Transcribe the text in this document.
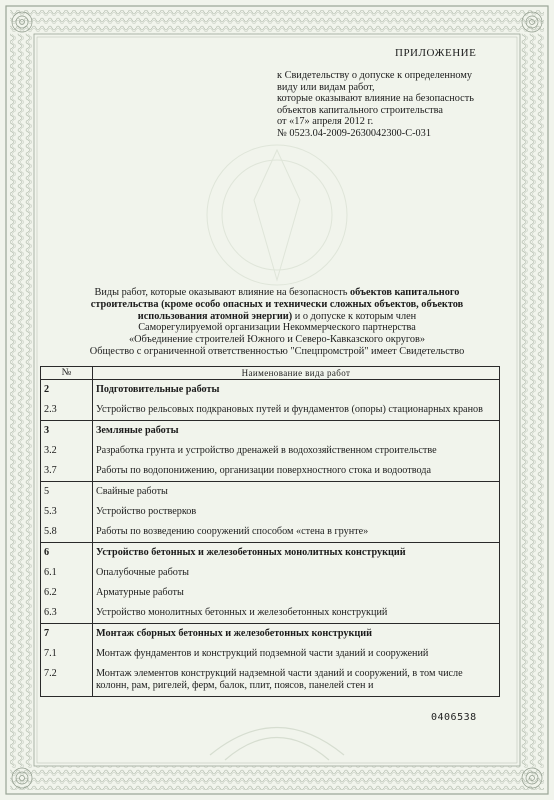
ПРИЛОЖЕНИЕ
к Свидетельству о допуске к определенному
виду или видам работ,
которые оказывают влияние на безопасность
объектов капитального строительства
от «17» апреля 2012 г.
№ 0523.04-2009-2630042300-С-031
Виды работ, которые оказывают влияние на безопасность объектов капитального
строительства (кроме особо опасных и технически сложных объектов, объектов
использования атомной энергии) и о допуске к которым член
Саморегулируемой организации Некоммерческого партнерства
«Объединение строителей Южного и Северо-Кавказского округов»
Общество с ограниченной ответственностью "Спецпромстрой" имеет Свидетельство
№	Наименование вида работ
2	Подготовительные работы
2.3	Устройство рельсовых подкрановых путей и фундаментов (опоры) стационарных кранов
3	Земляные работы
3.2	Разработка грунта и устройство дренажей в водохозяйственном строительстве
3.7	Работы по водопонижению, организации поверхностного стока и водоотвода
5	Свайные работы
5.3	Устройство ростверков
5.8	Работы по возведению сооружений способом «стена в грунте»
6	Устройство бетонных и железобетонных монолитных конструкций
6.1	Опалубочные работы
6.2	Арматурные работы
6.3	Устройство монолитных бетонных и железобетонных конструкций
7	Монтаж сборных бетонных и железобетонных конструкций
7.1	Монтаж фундаментов и конструкций подземной части зданий и сооружений
7.2	Монтаж элементов конструкций надземной части зданий и сооружений, в том числе колонн, рам, ригелей, ферм, балок, плит, поясов, панелей стен и
0406538
